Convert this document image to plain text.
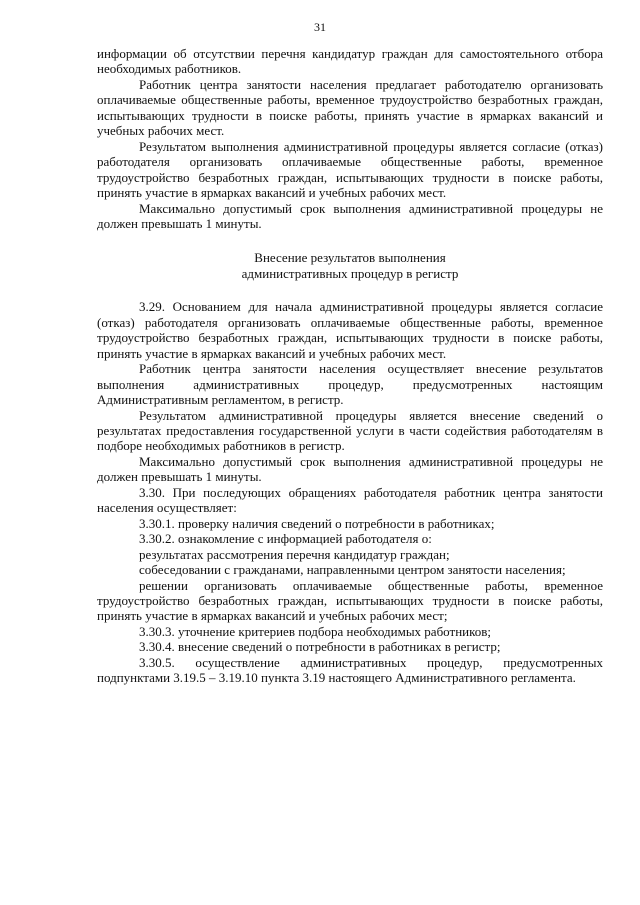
31

информации об отсутствии перечня кандидатур граждан для самостоятельного отбора необходимых работников.

Работник центра занятости населения предлагает работодателю организовать оплачиваемые общественные работы, временное трудоустройство безработных граждан, испытывающих трудности в поиске работы, принять участие в ярмарках вакансий и учебных рабочих мест.

Результатом выполнения административной процедуры является согласие (отказ) работодателя организовать оплачиваемые общественные работы, временное трудоустройство безработных граждан, испытывающих трудности в поиске работы, принять участие в ярмарках вакансий и учебных рабочих мест.

Максимально допустимый срок выполнения административной процедуры не должен превышать 1 минуты.

Внесение результатов выполнения
административных процедур в регистр

3.29. Основанием для начала административной процедуры является согласие (отказ) работодателя организовать оплачиваемые общественные работы, временное трудоустройство безработных граждан, испытывающих трудности в поиске работы, принять участие в ярмарках вакансий и учебных рабочих мест.

Работник центра занятости населения осуществляет внесение результатов выполнения административных процедур, предусмотренных настоящим Административным регламентом, в регистр.

Результатом административной процедуры является внесение сведений о результатах предоставления государственной услуги в части содействия работодателям в подборе необходимых работников в регистр.

Максимально допустимый срок выполнения административной процедуры не должен превышать 1 минуты.

3.30. При последующих обращениях работодателя работник центра занятости населения осуществляет:

3.30.1. проверку наличия сведений о потребности в работниках;

3.30.2. ознакомление с информацией работодателя о:

результатах рассмотрения перечня кандидатур граждан;

собеседовании с гражданами, направленными центром занятости населения;

решении организовать оплачиваемые общественные работы, временное трудоустройство безработных граждан, испытывающих трудности в поиске работы, принять участие в ярмарках вакансий и учебных рабочих мест;

3.30.3. уточнение критериев подбора необходимых работников;

3.30.4. внесение сведений о потребности в работниках в регистр;

3.30.5. осуществление административных процедур, предусмотренных подпунктами 3.19.5 – 3.19.10 пункта 3.19 настоящего Административного регламента.
